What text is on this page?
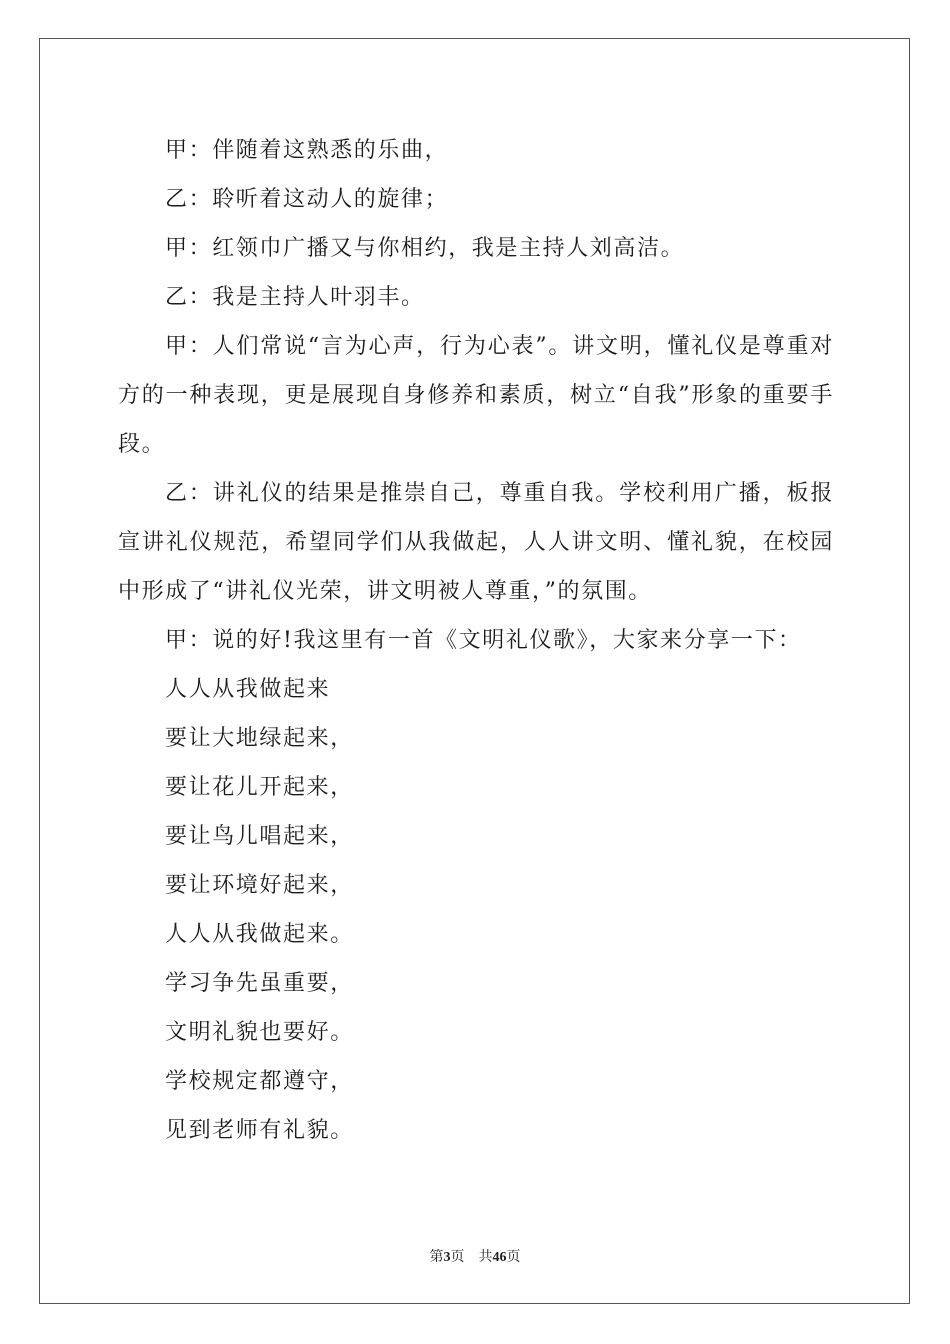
甲：伴随着这熟悉的乐曲，

乙：聆听着这动人的旋律；

甲：红领巾广播又与你相约，我是主持人刘高洁。

乙：我是主持人叶羽丰。

甲：人们常说“言为心声，行为心表”。讲文明，懂礼仪是尊重对方的一种表现，更是展现自身修养和素质，树立“自我”形象的重要手段。

乙：讲礼仪的结果是推崇自己，尊重自我。学校利用广播，板报宣讲礼仪规范，希望同学们从我做起，人人讲文明、懂礼貌，在校园中形成了“讲礼仪光荣，讲文明被人尊重，”的氛围。

甲：说的好!我这里有一首《文明礼仪歌》，大家来分享一下：

人人从我做起来

要让大地绿起来，

要让花儿开起来，

要让鸟儿唱起来，

要让环境好起来，

人人从我做起来。

学习争先虽重要，

文明礼貌也要好。

学校规定都遵守，

见到老师有礼貌。

第3页 共46页
